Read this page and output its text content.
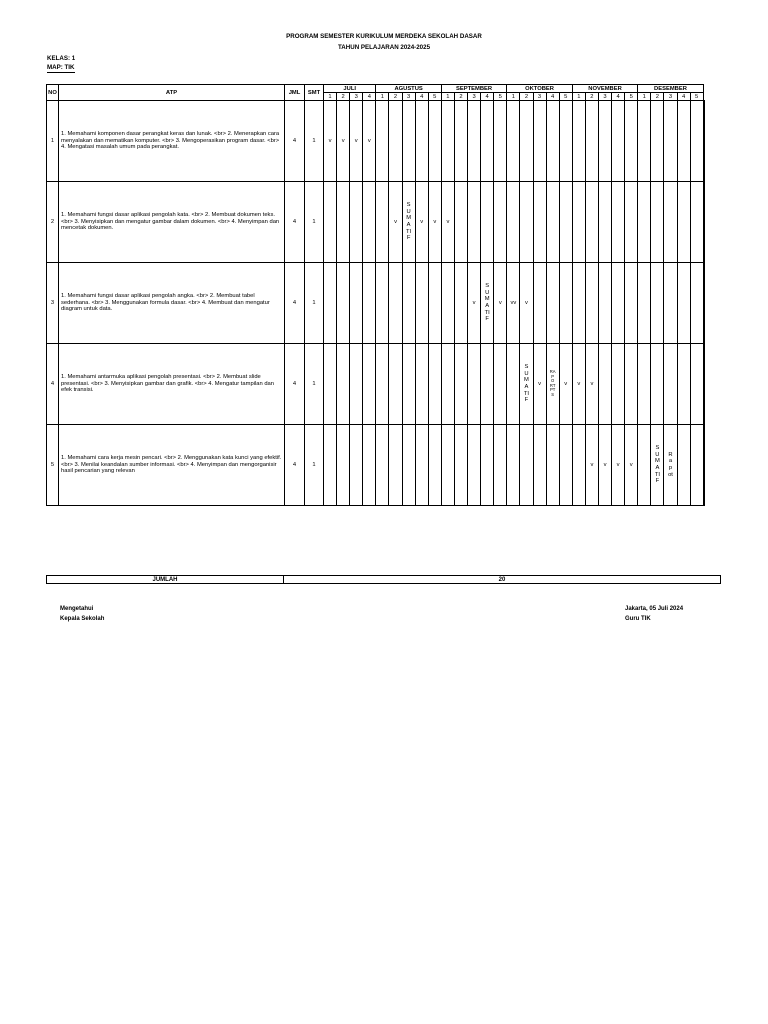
PROGRAM SEMESTER KURIKULUM MERDEKA SEKOLAH DASAR
TAHUN PELAJARAN 2024-2025
KELAS: 1
MAP: TIK
NO	ATP	JML	SMT	JULI				AGUSTUS					SEPTEMBER					OKTOBER					NOVEMBER					DESEMBER					
				1	2	3	4	1	2	3	4	5	1	2	3	4	5	1	2	3	4	5	1	2	3	4	5	1	2	3	4	5	
1	1. Memahami komponen dasar perangkat keras dan lunak. <br> 2. Menerapkan cara menyalakan dan mematikan komputer. <br> 3. Mengoperasikan program dasar. <br> 4. Mengatasi masalah umum pada perangkat.	4	1	v	v	v	v																										
2	1. Memahami fungsi dasar aplikasi pengolah kata. <br> 2. Membuat dokumen teks. <br> 3. Menyisipkan dan mengatur gambar dalam dokumen. <br> 4. Menyimpan dan mencetak dokumen.	4	1						v	SUMATIF	v	v	v																				
3	1. Memahami fungsi dasar aplikasi pengolah angka. <br> 2. Membuat tabel sederhana. <br> 3. Menggunakan formula dasar. <br> 4. Membuat dan mengatur diagram untuk data.	4	1												v	SUMATIF	v	vv	v														
4	1. Memahami antarmuka aplikasi pengolah presentasi. <br> 2. Membuat slide presentasi. <br> 3. Menyisipkan gambar dan grafik. <br> 4. Mengatur tampilan dan efek transisi.	4	1																SUMATIF	v	RAPORT PTS	v	v	v									
5	1. Memahami cara kerja mesin pencari. <br> 2. Menggunakan kata kunci yang efektif. <br> 3. Menilai keandalan sumber informasi. <br> 4. Menyimpan dan mengorganisir hasil pencarian yang relevan	4	1																					v	v	v	v		SUMATIF	Rapot			
JUMLAH	20
Mengetahui
Kepala Sekolah
Jakarta, 05 Juli 2024
Guru TIK
